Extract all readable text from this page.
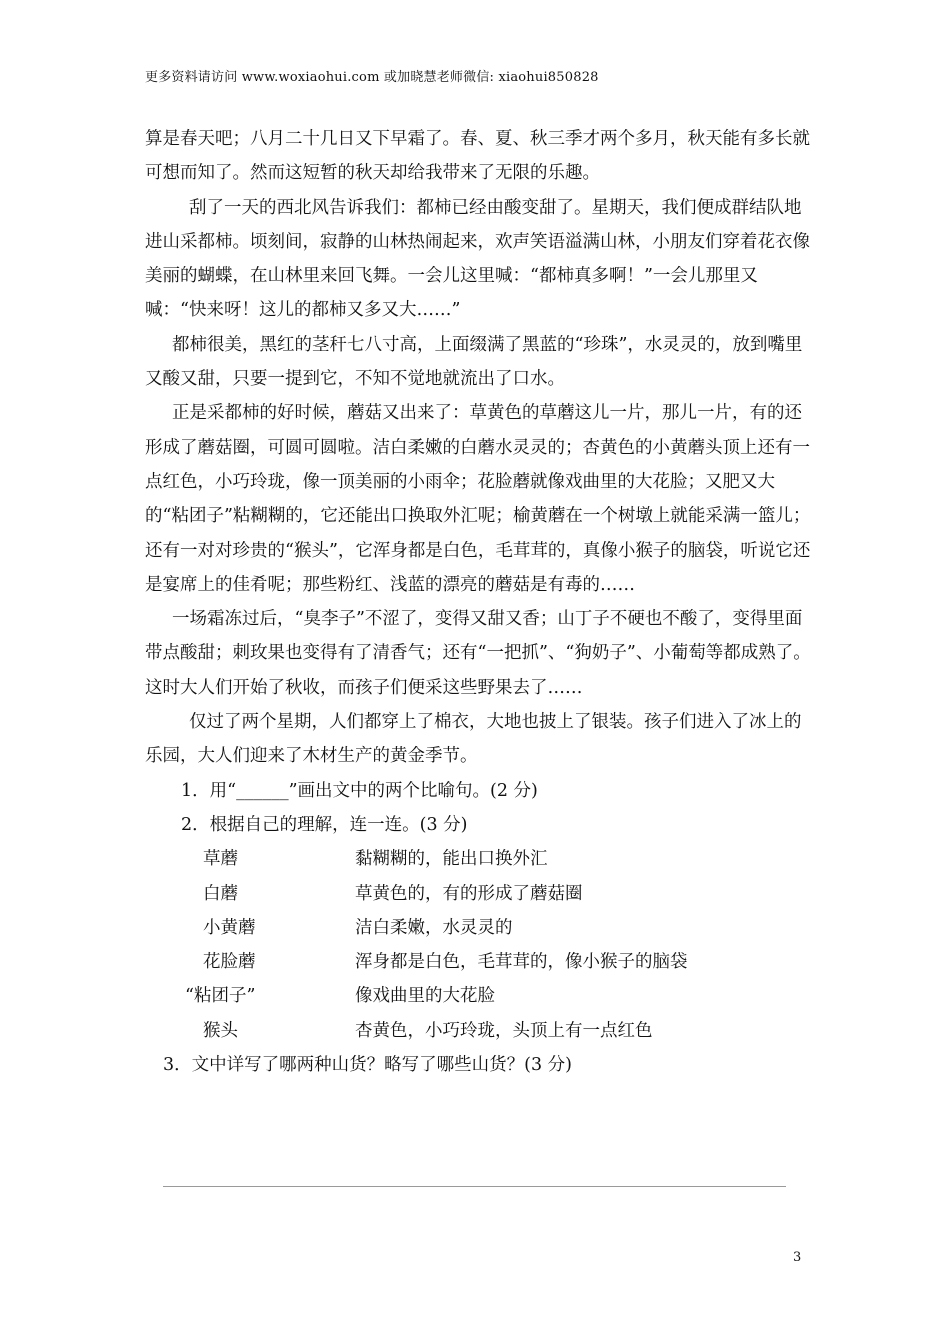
更多资料请访问 www.woxiaohui.com 或加晓慧老师微信: xiaohui850828

算是春天吧；八月二十几日又下早霜了。春、夏、秋三季才两个多月，秋天能有多长就可想而知了。然而这短暂的秋天却给我带来了无限的乐趣。

刮了一天的西北风告诉我们：都柿已经由酸变甜了。星期天，我们便成群结队地进山采都柿。顷刻间，寂静的山林热闹起来，欢声笑语溢满山林，小朋友们穿着花衣像美丽的蝴蝶，在山林里来回飞舞。一会儿这里喊：“都柿真多啊！”一会儿那里又喊：“快来呀！这儿的都柿又多又大……”

都柿很美，黑红的茎秆七八寸高，上面缀满了黑蓝的“珍珠”，水灵灵的，放到嘴里又酸又甜，只要一提到它，不知不觉地就流出了口水。

正是采都柿的好时候，蘑菇又出来了：草黄色的草蘑这儿一片，那儿一片，有的还形成了蘑菇圈，可圆可圆啦。洁白柔嫩的白蘑水灵灵的；杏黄色的小黄蘑头顶上还有一点红色，小巧玲珑，像一顶美丽的小雨伞；花脸蘑就像戏曲里的大花脸；又肥又大的“粘团子”粘糊糊的，它还能出口换取外汇呢；榆黄蘑在一个树墩上就能采满一篮儿；还有一对对珍贵的“猴头”，它浑身都是白色，毛茸茸的，真像小猴子的脑袋，听说它还是宴席上的佳肴呢；那些粉红、浅蓝的漂亮的蘑菇是有毒的……

一场霜冻过后，“臭李子”不涩了，变得又甜又香；山丁子不硬也不酸了，变得里面带点酸甜；刺玫果也变得有了清香气；还有“一把抓”、“狗奶子”、小葡萄等都成熟了。这时大人们开始了秋收，而孩子们便采这些野果去了……

仅过了两个星期，人们都穿上了棉衣，大地也披上了银装。孩子们进入了冰上的乐园，大人们迎来了木材生产的黄金季节。

1．用“______”画出文中的两个比喻句。(2 分)

2．根据自己的理解，连一连。(3 分)

草蘑	黏糊糊的，能出口换外汇
白蘑	草黄色的，有的形成了蘑菇圈
小黄蘑	洁白柔嫩，水灵灵的
花脸蘑	浑身都是白色，毛茸茸的，像小猴子的脑袋
“粘团子”	像戏曲里的大花脸
猴头	杏黄色，小巧玲珑，头顶上有一点红色

3．文中详写了哪两种山货？略写了哪些山货？(3 分)

3
